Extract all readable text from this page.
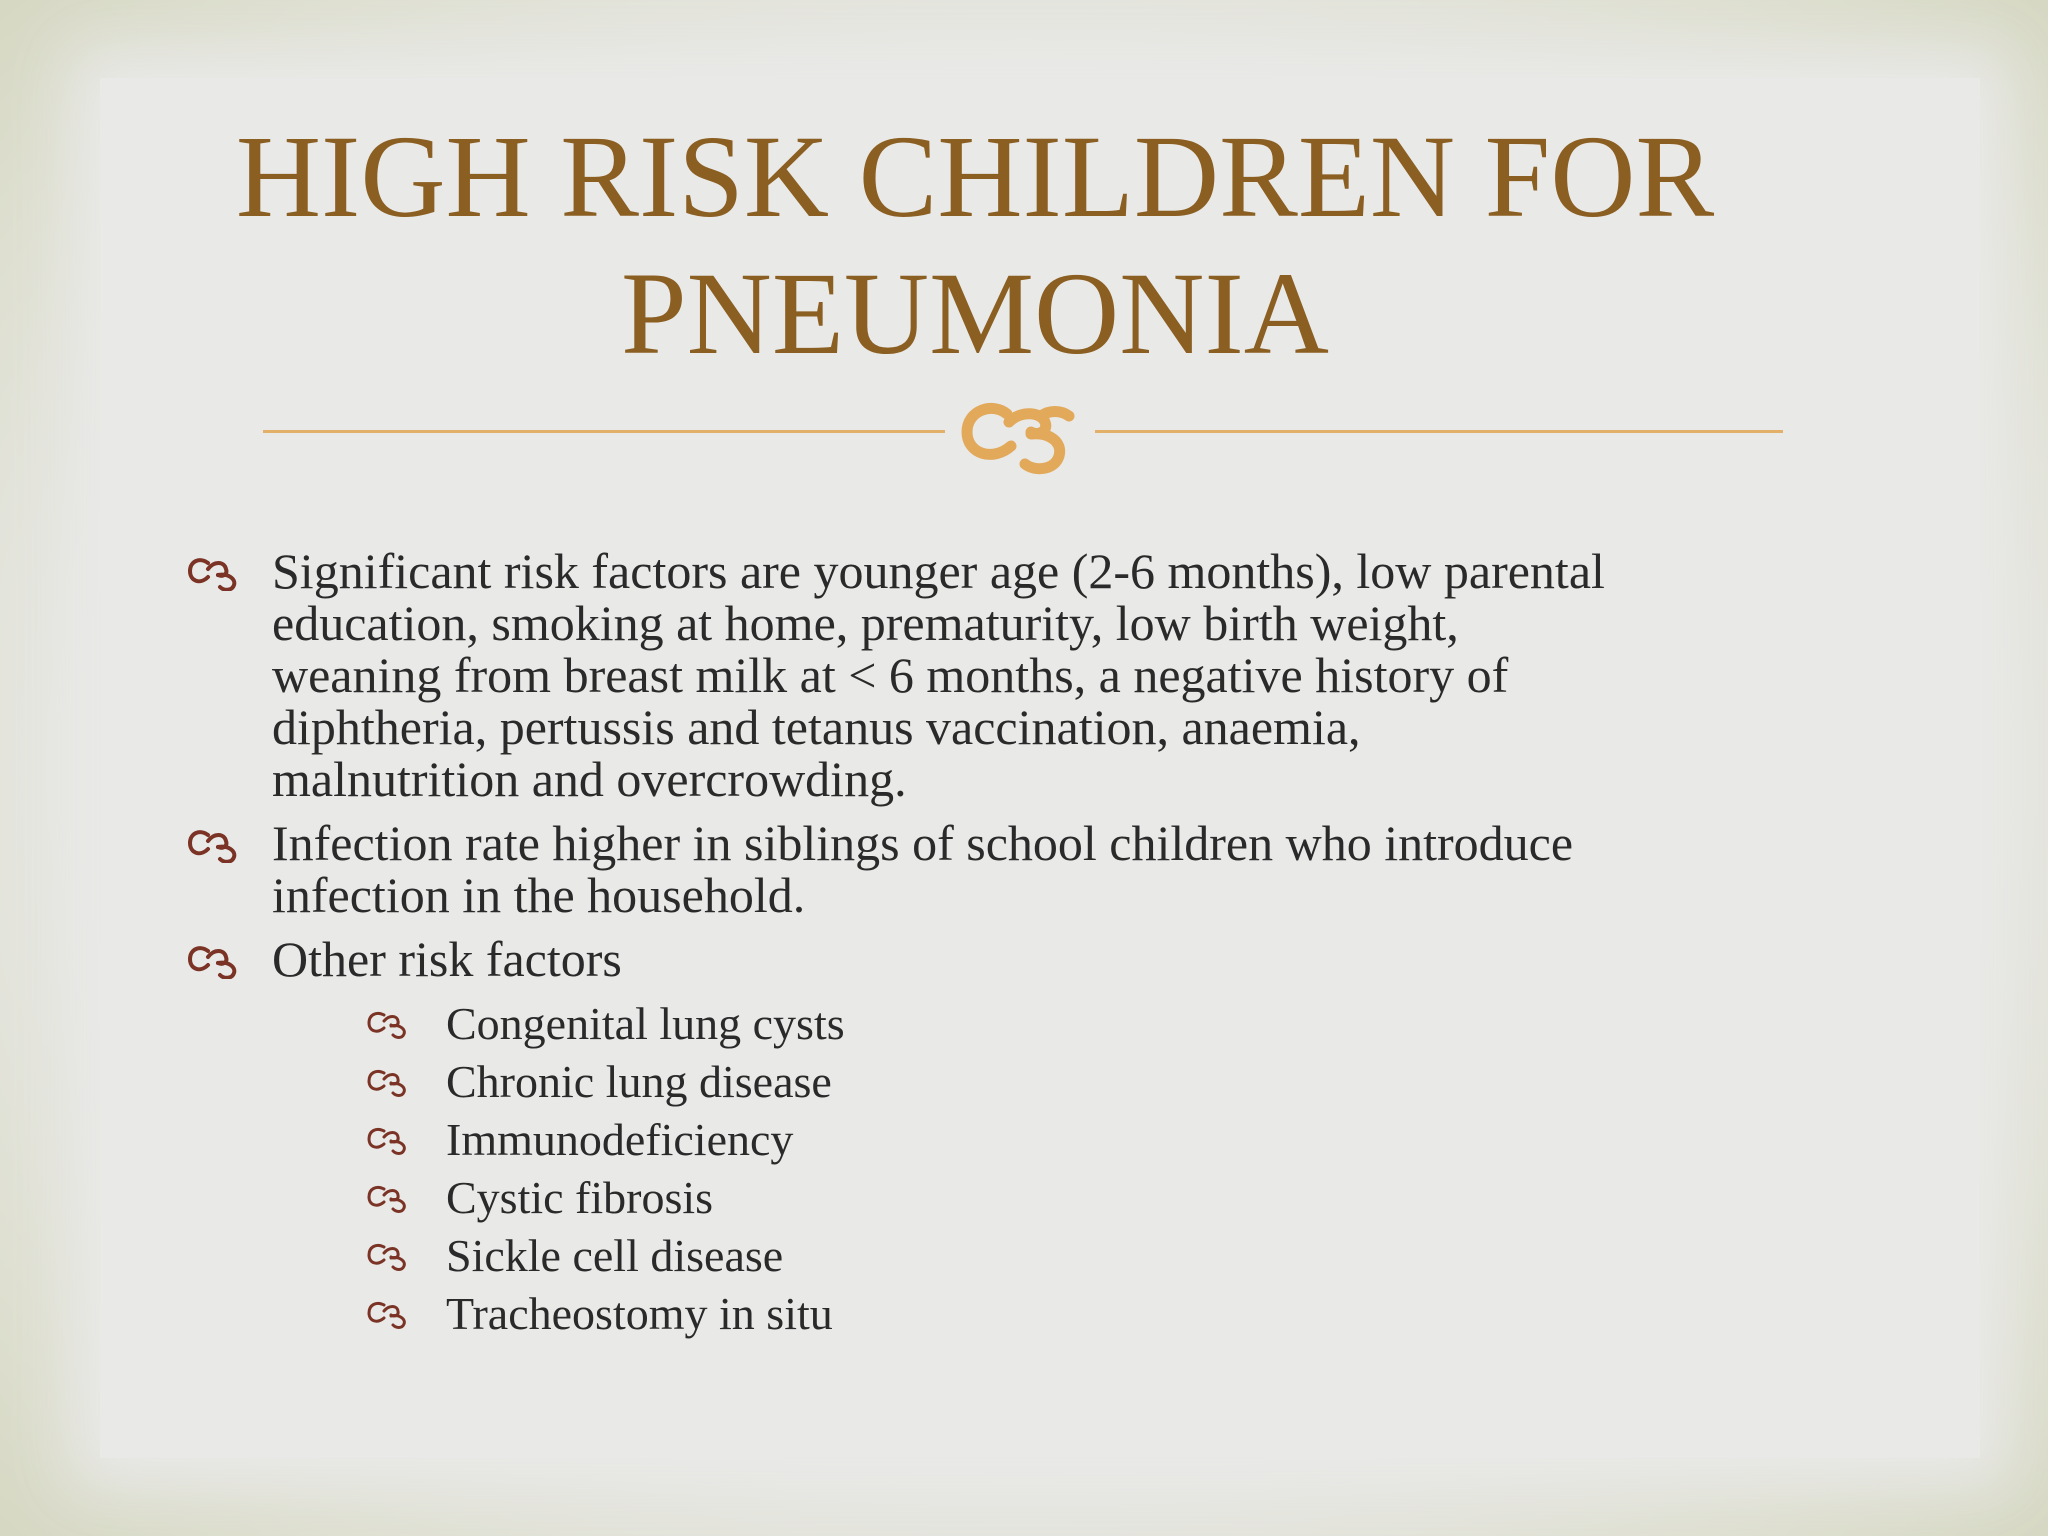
HIGH RISK CHILDREN FOR
PNEUMONIA
Significant risk factors are younger age (2-6 months), low parental
education, smoking at home, prematurity, low birth weight,
weaning from breast milk at < 6 months, a negative history of
diphtheria, pertussis and tetanus vaccination, anaemia,
malnutrition and overcrowding.
Infection rate higher in siblings of school children who introduce
infection in the household.
Other risk factors
Congenital lung cysts
Chronic lung disease
Immunodeficiency
Cystic fibrosis
Sickle cell disease
Tracheostomy in situ
